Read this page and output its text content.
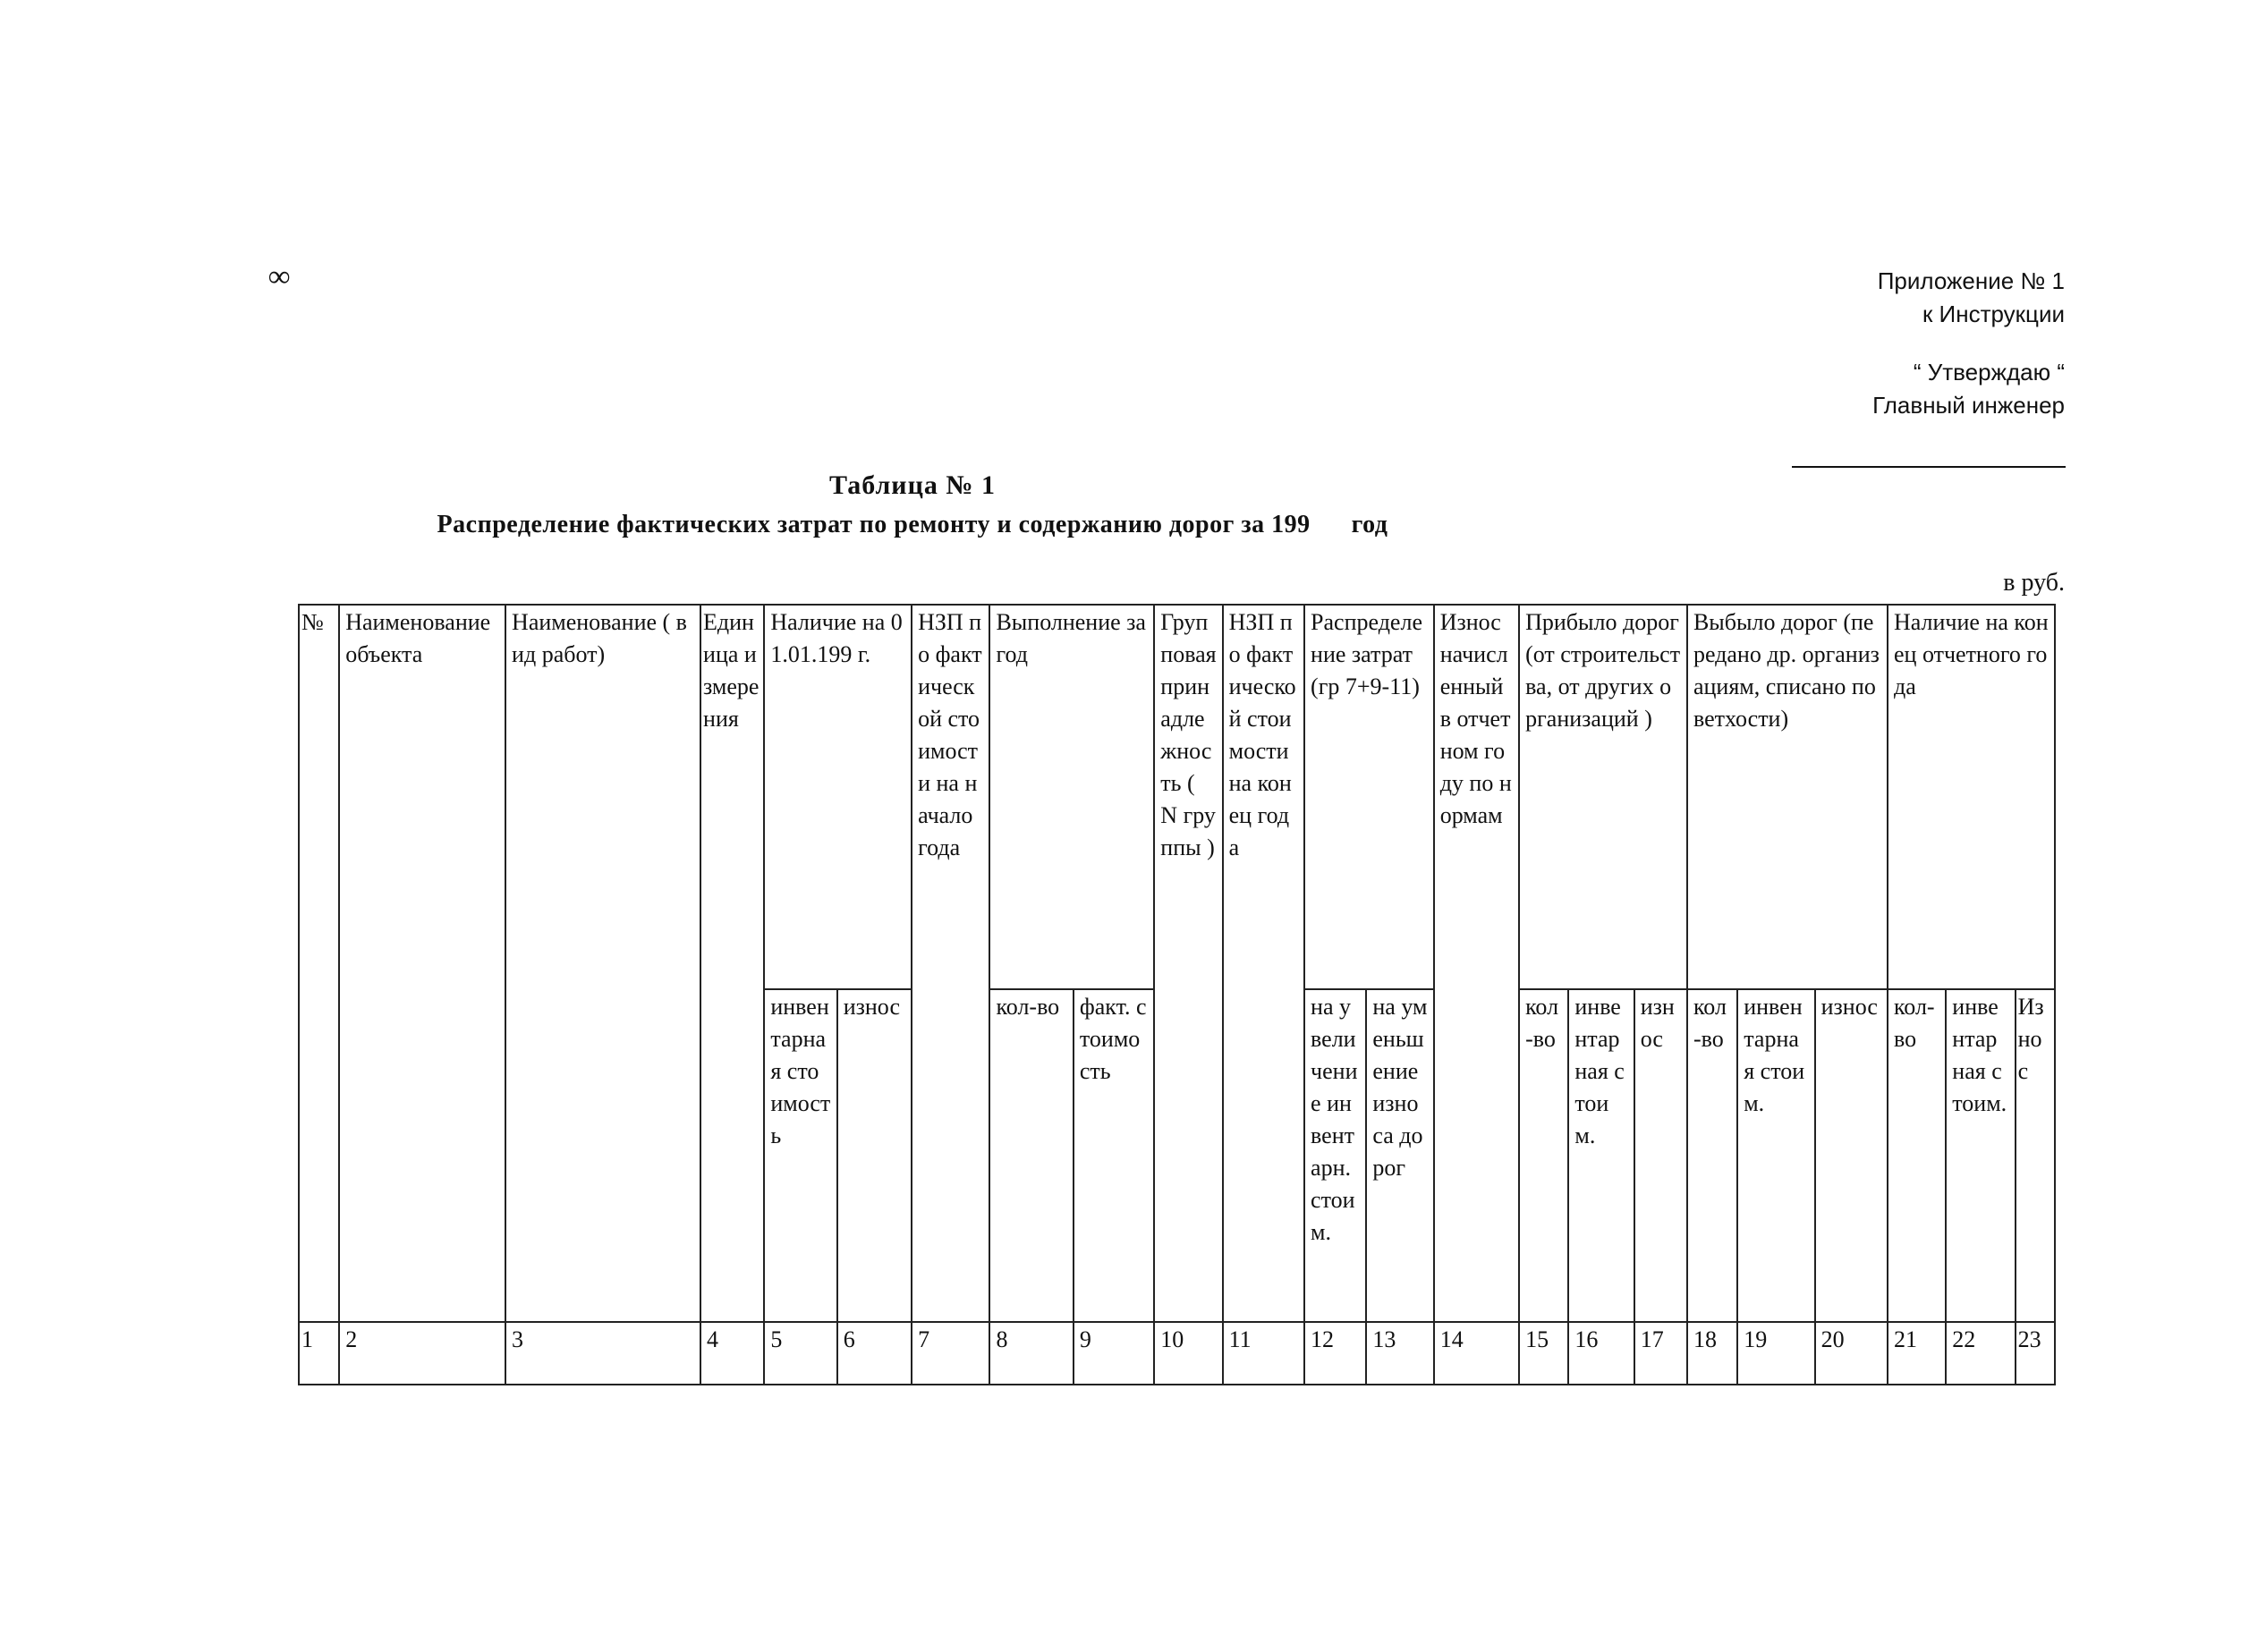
∞	Приложение № 1
к Инструкции
“ Утверждаю “
Главный инженер
Таблица № 1
Распределение фактических затрат по ремонту и содержанию дорог за 199 год
в руб.
№	Наименование объекта	Наименование ( вид работ)	Единица измерения	Наличие на 01.01.199 г.		НЗП по фактической стоимости на начало года	Выполнение за год		Групповая принадлежность ( N группы )	НЗП по фактической стоимости на конец года	Распределение затрат (гр 7+9-11)		Износ начисленный в отчетном году по нормам	Прибыло дорог (от строительства, от других организаций )			Выбыло дорог (передано др. организациям, списано по ветхости)			Наличие на конец отчетного года		
				инвентарная стоимость	износ		кол-во	факт. стоимость			на увеличение инвентарн. стоим.	на уменьшение износа дорог		кол-во	инвентарная стоим.	износ	кол-во	инвентарная стоим.	износ	кол-во	инвентарная стоим.	Износ
1	2	3	4	5	6	7	8	9	10	11	12	13	14	15	16	17	18	19	20	21	22	23
